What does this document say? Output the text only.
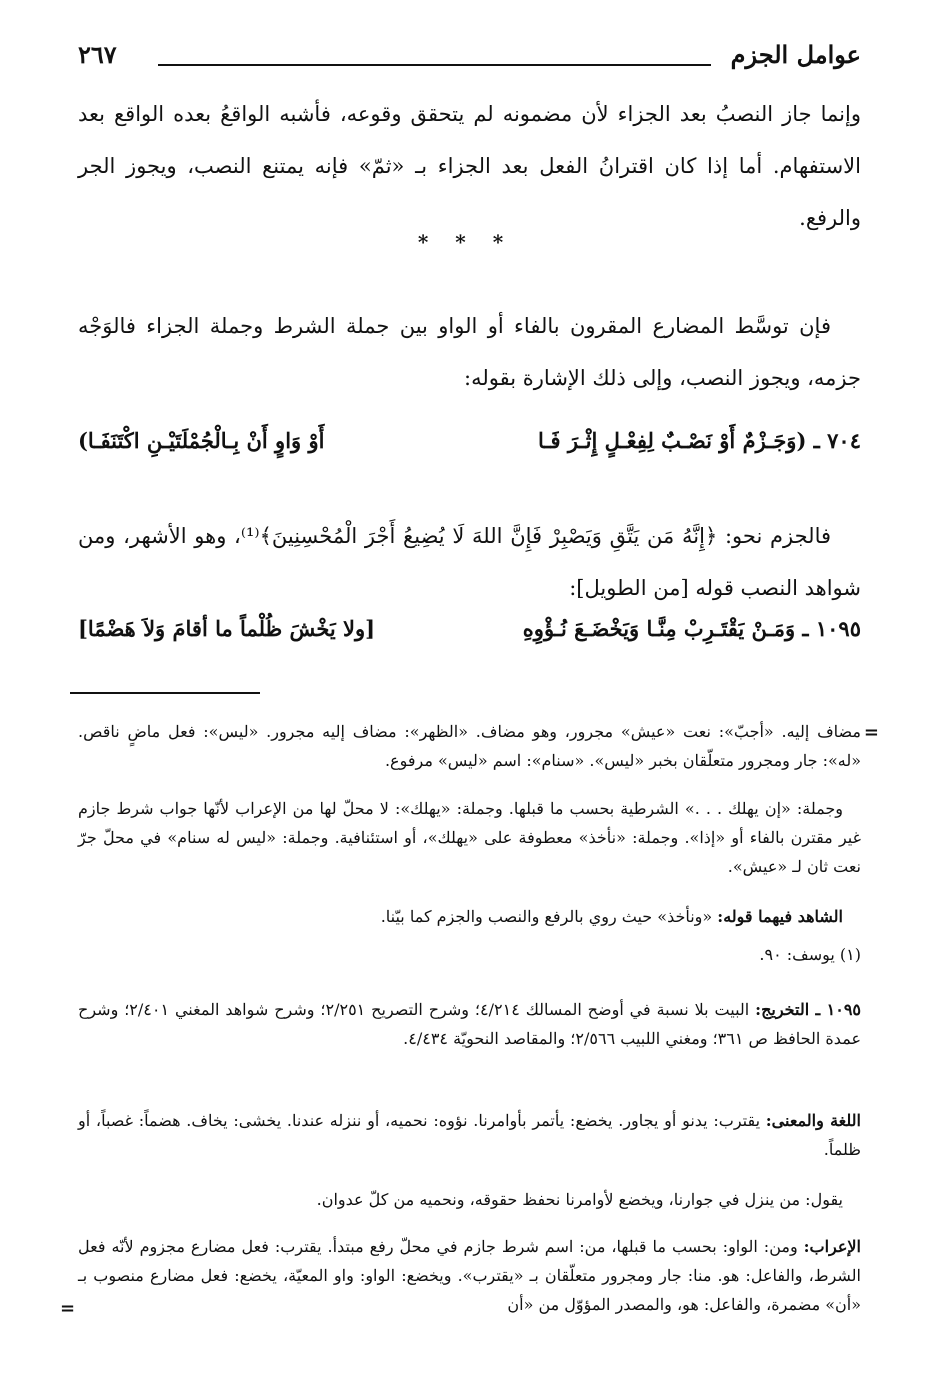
عوامل الجزم
٢٦٧
وإنما جاز النصبُ بعد الجزاء لأن مضمونه لم يتحقق وقوعه، فأشبه الواقعُ بعده الواقع بعد الاستفهام. أما إذا كان اقترانُ الفعل بعد الجزاء بـ «ثمّ» فإنه يمتنع النصب، ويجوز الجر والرفع.
* * *
فإن توسَّط المضارع المقرون بالفاء أو الواو بين جملة الشرط وجملة الجزاء فالوَجْه جزمه، ويجوز النصب، وإلى ذلك الإشارة بقوله:
٧٠٤ ـ (وَجَـزْمٌ أَوْ نَصْـبٌ لِفِعْـلٍ إِثْـرَ فَـا
أَوْ وَاوٍ أَنْ بِـالْجُمْلَتَيْـنِ اكْتَنَفَـا)
فالجزم نحو: ﴿إِنَّهُ مَن يَتَّقِ وَيَصْبِرْ فَإِنَّ اللهَ لَا يُضِيعُ أَجْرَ الْمُحْسِنِينَ﴾⁽¹⁾، وهو الأشهر، ومن شواهد النصب قوله [من الطويل]:
١٠٩٥ ـ وَمَـنْ يَقْتَـرِبْ مِنَّـا وَيَخْضَـعَ نُـؤْوِهِ
[ولا يَخْشَ ظُلْماً ما أقامَ وَلاَ هَضْمًا]
=
مضاف إليه. «أجبّ»: نعت «عيش» مجرور، وهو مضاف. «الظهر»: مضاف إليه مجرور. «ليس»: فعل ماضٍ ناقص. «له»: جار ومجرور متعلّقان بخبر «ليس». «سنام»: اسم «ليس» مرفوع.
وجملة: «إن يهلك . . .» الشرطية بحسب ما قبلها. وجملة: «يهلك»: لا محلّ لها من الإعراب لأنّها جواب شرط جازم غير مقترن بالفاء أو «إذا». وجملة: «نأخذ» معطوفة على «يهلك»، أو استئنافية. وجملة: «ليس له سنام» في محلّ جرّ نعت ثان لـ «عيش».
الشاهد فيهما قوله: «ونأخذ» حيث روي بالرفع والنصب والجزم كما بيّنا.
(١) يوسف: ٩٠.
١٠٩٥ ـ التخريج: البيت بلا نسبة في أوضح المسالك ٤/٢١٤؛ وشرح التصريح ٢/٢٥١؛ وشرح شواهد المغني ٢/٤٠١؛ وشرح عمدة الحافظ ص ٣٦١؛ ومغني اللبيب ٢/٥٦٦؛ والمقاصد النحويّة ٤/٤٣٤.
اللغة والمعنى: يقترب: يدنو أو يجاور. يخضع: يأتمر بأوامرنا. نؤوه: نحميه، أو ننزله عندنا. يخشى: يخاف. هضماً: غصباً، أو ظلماً.
يقول: من ينزل في جوارنا، ويخضع لأوامرنا نحفظ حقوقه، ونحميه من كلّ عدوان.
الإعراب: ومن: الواو: بحسب ما قبلها، من: اسم شرط جازم في محلّ رفع مبتدأ. يقترب: فعل مضارع مجزوم لأنّه فعل الشرط، والفاعل: هو. منا: جار ومجرور متعلّقان بـ «يقترب». ويخضع: الواو: واو المعيّة، يخضع: فعل مضارع منصوب بـ «أن» مضمرة، والفاعل: هو، والمصدر المؤوّل من «أن
=
